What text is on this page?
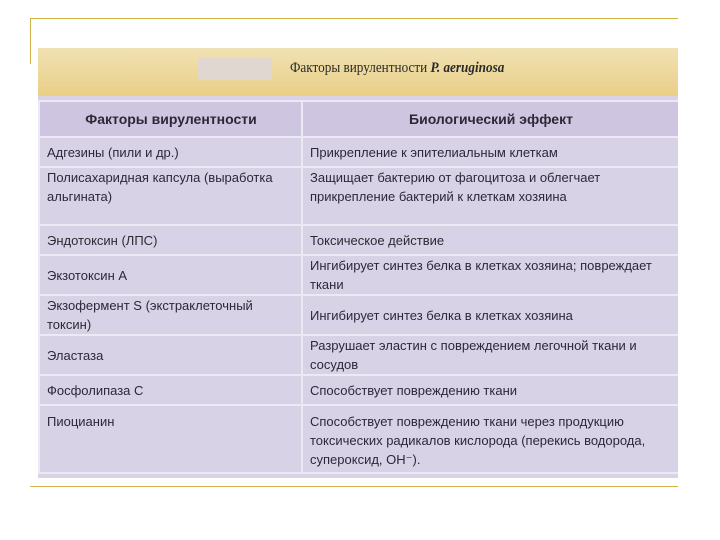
Факторы вирулентности P. aeruginosa
Факторы вирулентности	Биологический эффект
Адгезины (пили и др.)	Прикрепление к эпителиальным клеткам
Полисахаридная капсула (выработка альгината)	Защищает бактерию от фагоцитоза и облегчает прикрепление бактерий к клеткам хозяина
Эндотоксин (ЛПС)	Токсическое действие
Экзотоксин А	Ингибирует синтез белка в клетках хозяина; повреждает ткани
Экзофермент S (экстраклеточный токсин)	Ингибирует синтез белка в клетках хозяина
Эластаза	Разрушает эластин с повреждением легочной ткани и сосудов
Фосфолипаза С	Способствует повреждению ткани
Пиоцианин	Способствует повреждению ткани через продукцию токсических радикалов кислорода (перекись водорода, супероксид, OH⁻).
